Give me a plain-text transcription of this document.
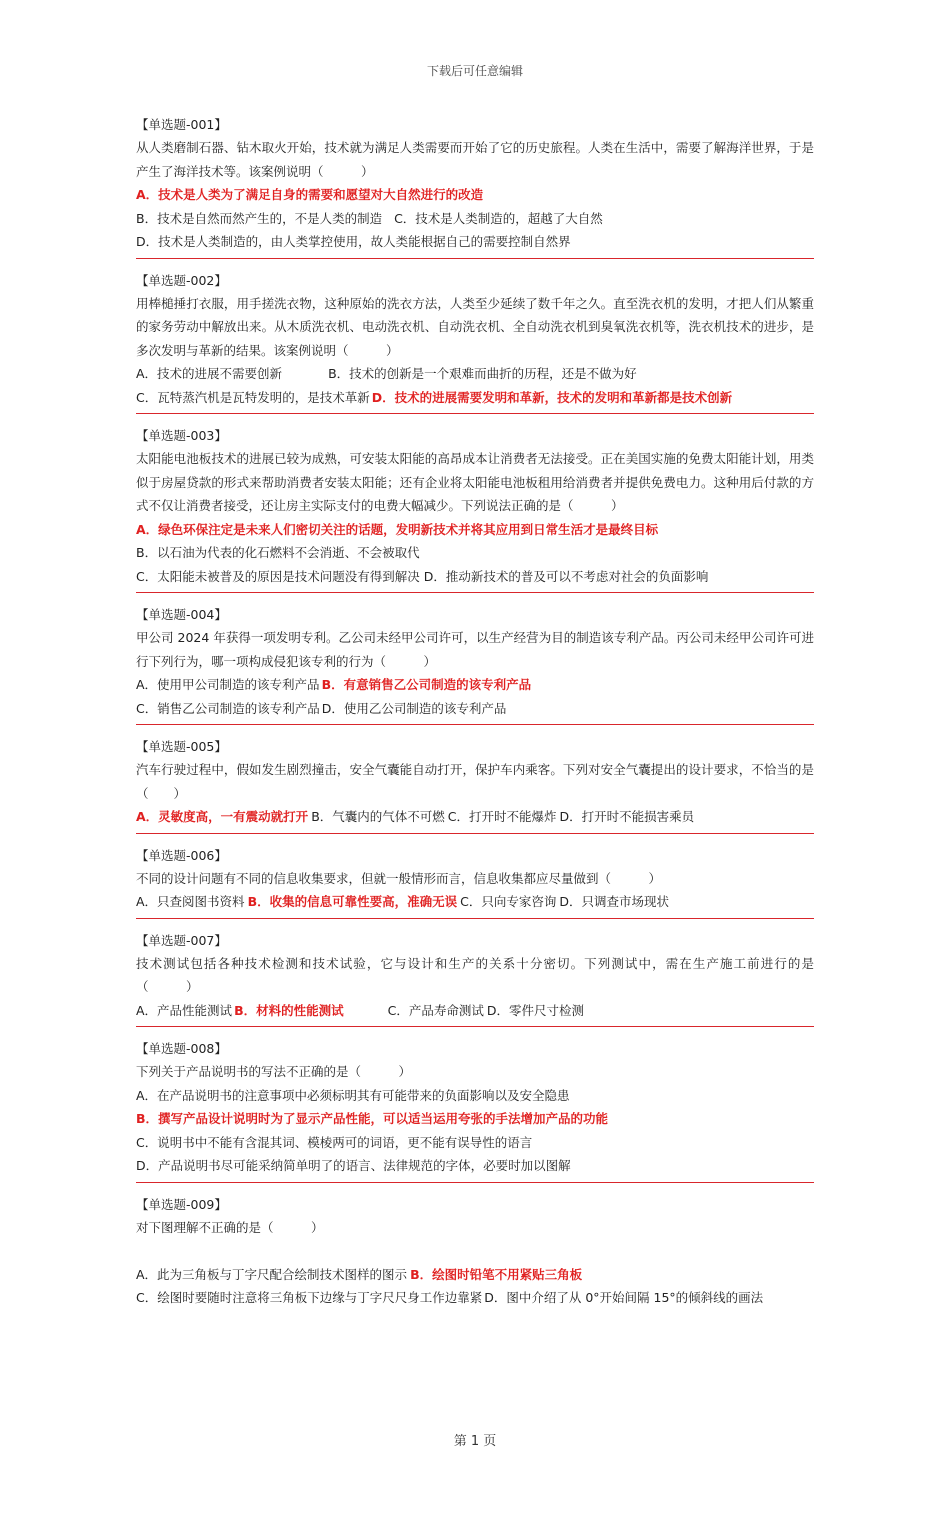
下载后可任意编辑
【单选题-001】
从人类磨制石器、钻木取火开始，技术就为满足人类需要而开始了它的历史旅程。人类在生活中，需要了解海洋世界，于是产生了海洋技术等。该案例说明（　　　）
A．技术是人类为了满足自身的需要和愿望对大自然进行的改造
B．技术是自然而然产生的，不是人类的制造 C．技术是人类制造的，超越了大自然
D．技术是人类制造的，由人类掌控使用，故人类能根据自己的需要控制自然界
【单选题-002】
用棒槌捶打衣服，用手搓洗衣物，这种原始的洗衣方法，人类至少延续了数千年之久。直至洗衣机的发明，才把人们从繁重的家务劳动中解放出来。从木质洗衣机、电动洗衣机、自动洗衣机、全自动洗衣机到臭氧洗衣机等，洗衣机技术的进步，是多次发明与革新的结果。该案例说明（　　　）
A．技术的进展不需要创新	B．技术的创新是一个艰难而曲折的历程，还是不做为好
C．瓦特蒸汽机是瓦特发明的，是技术革新 D．技术的进展需要发明和革新，技术的发明和革新都是技术创新
【单选题-003】
太阳能电池板技术的进展已较为成熟，可安装太阳能的高昂成本让消费者无法接受。正在美国实施的免费太阳能计划，用类似于房屋贷款的形式来帮助消费者安装太阳能；还有企业将太阳能电池板租用给消费者并提供免费电力。这种用后付款的方式不仅让消费者接受，还让房主实际支付的电费大幅减少。下列说法正确的是（　　　）
A．绿色环保注定是未来人们密切关注的话题，发明新技术并将其应用到日常生活才是最终目标
B．以石油为代表的化石燃料不会消逝、不会被取代
C．太阳能未被普及的原因是技术问题没有得到解决 D．推动新技术的普及可以不考虑对社会的负面影响
【单选题-004】
甲公司 2024 年获得一项发明专利。乙公司未经甲公司许可，以生产经营为目的制造该专利产品。丙公司未经甲公司许可进行下列行为，哪一项构成侵犯该专利的行为（　　　）
A．使用甲公司制造的该专利产品 B．有意销售乙公司制造的该专利产品
C．销售乙公司制造的该专利产品 D．使用乙公司制造的该专利产品
【单选题-005】
汽车行驶过程中，假如发生剧烈撞击，安全气囊能自动打开，保护车内乘客。下列对安全气囊提出的设计要求，不恰当的是（　　）
A．灵敏度高，一有震动就打开 B．气囊内的气体不可燃 C．打开时不能爆炸 D．打开时不能损害乘员
【单选题-006】
不同的设计问题有不同的信息收集要求，但就一般情形而言，信息收集都应尽量做到（　　　）
A．只查阅图书资料 B．收集的信息可靠性要高，准确无误 C．只向专家咨询 D．只调查市场现状
【单选题-007】
技术测试包括各种技术检测和技术试验，它与设计和生产的关系十分密切。下列测试中，需在生产施工前进行的是（　　　）
A．产品性能测试 B．材料的性能测试	C．产品寿命测试 D．零件尺寸检测
【单选题-008】
下列关于产品说明书的写法不正确的是（　　　）
A．在产品说明书的注意事项中必须标明其有可能带来的负面影响以及安全隐患
B．撰写产品设计说明时为了显示产品性能，可以适当运用夸张的手法增加产品的功能
C．说明书中不能有含混其词、模棱两可的词语，更不能有误导性的语言
D．产品说明书尽可能采纳简单明了的语言、法律规范的字体，必要时加以图解
【单选题-009】
对下图理解不正确的是（　　　）
A．此为三角板与丁字尺配合绘制技术图样的图示 B．绘图时铅笔不用紧贴三角板
C．绘图时要随时注意将三角板下边缘与丁字尺尺身工作边靠紧 D．图中介绍了从 0°开始间隔 15°的倾斜线的画法
第 1 页
